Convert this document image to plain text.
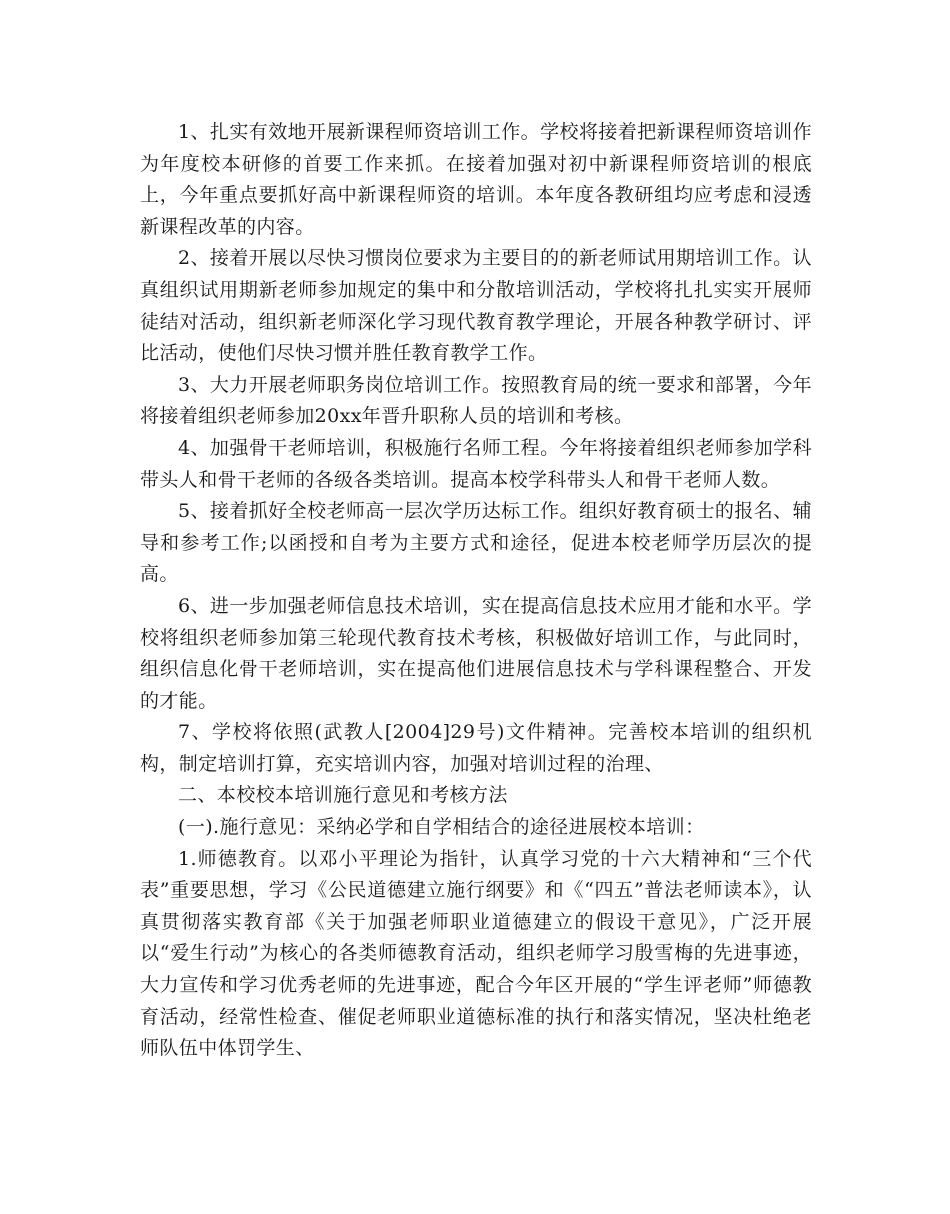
1、扎实有效地开展新课程师资培训工作。学校将接着把新课程师资培训作为年度校本研修的首要工作来抓。在接着加强对初中新课程师资培训的根底上，今年重点要抓好高中新课程师资的培训。本年度各教研组均应考虑和浸透新课程改革的内容。

2、接着开展以尽快习惯岗位要求为主要目的的新老师试用期培训工作。认真组织试用期新老师参加规定的集中和分散培训活动，学校将扎扎实实开展师徒结对活动，组织新老师深化学习现代教育教学理论，开展各种教学研讨、评比活动，使他们尽快习惯并胜任教育教学工作。

3、大力开展老师职务岗位培训工作。按照教育局的统一要求和部署，今年将接着组织老师参加20xx年晋升职称人员的培训和考核。

4、加强骨干老师培训，积极施行名师工程。今年将接着组织老师参加学科带头人和骨干老师的各级各类培训。提高本校学科带头人和骨干老师人数。

5、接着抓好全校老师高一层次学历达标工作。组织好教育硕士的报名、辅导和参考工作;以函授和自考为主要方式和途径，促进本校老师学历层次的提高。

6、进一步加强老师信息技术培训，实在提高信息技术应用才能和水平。学校将组织老师参加第三轮现代教育技术考核，积极做好培训工作，与此同时，组织信息化骨干老师培训，实在提高他们进展信息技术与学科课程整合、开发的才能。

7、学校将依照(武教人[2004]29号)文件精神。完善校本培训的组织机构，制定培训打算，充实培训内容，加强对培训过程的治理、

二、本校校本培训施行意见和考核方法

(一).施行意见：采纳必学和自学相结合的途径进展校本培训：

1.师德教育。以邓小平理论为指针，认真学习党的十六大精神和“三个代表”重要思想，学习《公民道德建立施行纲要》和《“四五”普法老师读本》，认真贯彻落实教育部《关于加强老师职业道德建立的假设干意见》，广泛开展以“爱生行动”为核心的各类师德教育活动，组织老师学习殷雪梅的先进事迹，大力宣传和学习优秀老师的先进事迹，配合今年区开展的“学生评老师”师德教育活动，经常性检查、催促老师职业道德标准的执行和落实情况，坚决杜绝老师队伍中体罚学生、
